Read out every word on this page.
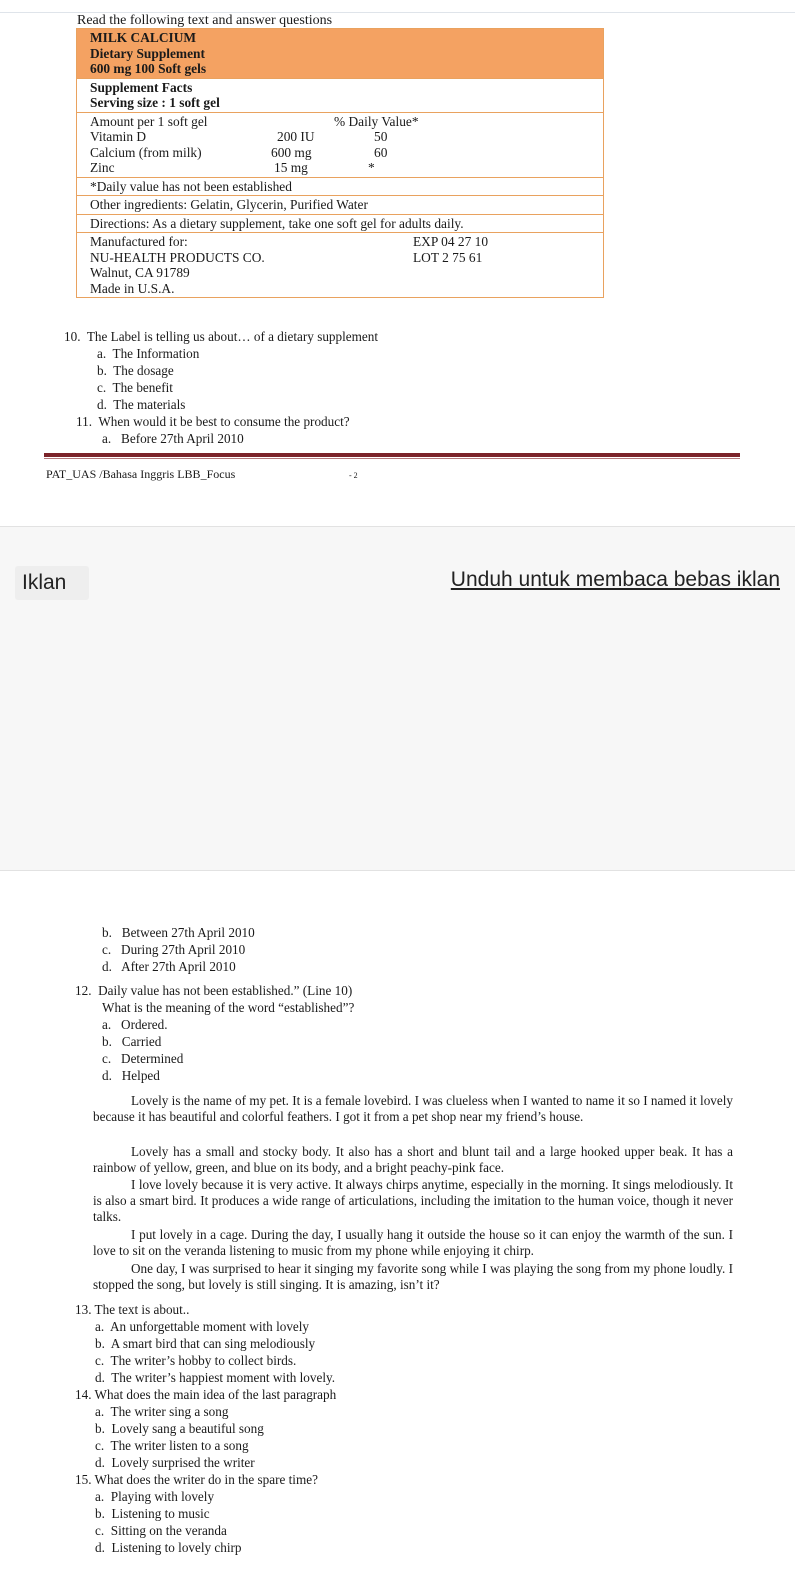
Read the following text and answer questions
MILK CALCIUM
Dietary Supplement
600 mg 100 Soft gels
Supplement Facts
Serving size : 1 soft gel
Amount per 1 soft gel	% Daily Value*
Vitamin D	200 IU	50
Calcium (from milk)	600 mg	60
Zinc	15 mg	*
*Daily value has not been established
Other ingredients: Gelatin, Glycerin, Purified Water
Directions: As a dietary supplement, take one soft gel for adults daily.
Manufactured for:	EXP 04 27 10
NU-HEALTH PRODUCTS CO.	LOT 2 75 61
Walnut, CA 91789
Made in U.S.A.
10. The Label is telling us about… of a dietary supplement
a. The Information
b. The dosage
c. The benefit
d. The materials
11. When would it be best to consume the product?
a. Before 27th April 2010
PAT_UAS /Bahasa Inggris LBB_Focus	- 2
Iklan	Unduh untuk membaca bebas iklan
b. Between 27th April 2010
c. During 27th April 2010
d. After 27th April 2010
12. Daily value has not been established.” (Line 10)
What is the meaning of the word “established”?
a. Ordered.
b. Carried
c. Determined
d. Helped
Lovely is the name of my pet. It is a female lovebird. I was clueless when I wanted to name it so I named it lovely because it has beautiful and colorful feathers. I got it from a pet shop near my friend’s house.
Lovely has a small and stocky body. It also has a short and blunt tail and a large hooked upper beak. It has a rainbow of yellow, green, and blue on its body, and a bright peachy-pink face.
I love lovely because it is very active. It always chirps anytime, especially in the morning. It sings melodiously. It is also a smart bird. It produces a wide range of articulations, including the imitation to the human voice, though it never talks.
I put lovely in a cage. During the day, I usually hang it outside the house so it can enjoy the warmth of the sun. I love to sit on the veranda listening to music from my phone while enjoying it chirp.
One day, I was surprised to hear it singing my favorite song while I was playing the song from my phone loudly. I stopped the song, but lovely is still singing. It is amazing, isn’t it?
13. The text is about..
a. An unforgettable moment with lovely
b. A smart bird that can sing melodiously
c. The writer’s hobby to collect birds.
d. The writer’s happiest moment with lovely.
14. What does the main idea of the last paragraph
a. The writer sing a song
b. Lovely sang a beautiful song
c. The writer listen to a song
d. Lovely surprised the writer
15. What does the writer do in the spare time?
a. Playing with lovely
b. Listening to music
c. Sitting on the veranda
d. Listening to lovely chirp
